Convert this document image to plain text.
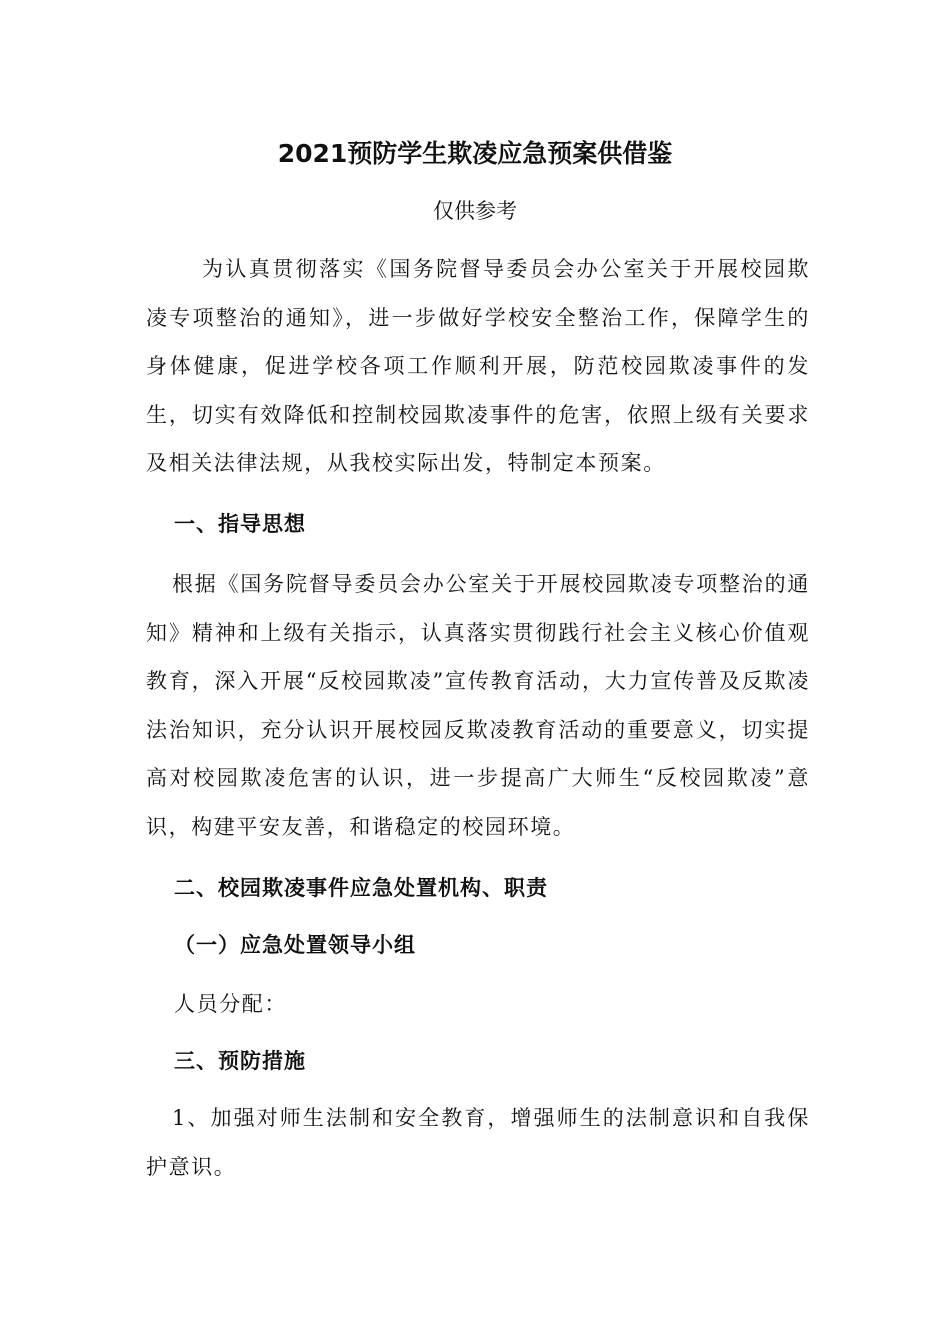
2021预防学生欺凌应急预案供借鉴
仅供参考
为认真贯彻落实《国务院督导委员会办公室关于开展校园欺凌专项整治的通知》，进一步做好学校安全整治工作，保障学生的身体健康，促进学校各项工作顺利开展，防范校园欺凌事件的发生，切实有效降低和控制校园欺凌事件的危害，依照上级有关要求及相关法律法规，从我校实际出发，特制定本预案。
一、指导思想
根据《国务院督导委员会办公室关于开展校园欺凌专项整治的通知》精神和上级有关指示，认真落实贯彻践行社会主义核心价值观教育，深入开展“反校园欺凌”宣传教育活动，大力宣传普及反欺凌法治知识，充分认识开展校园反欺凌教育活动的重要意义，切实提高对校园欺凌危害的认识，进一步提高广大师生“反校园欺凌”意识，构建平安友善，和谐稳定的校园环境。
二、校园欺凌事件应急处置机构、职责
（一）应急处置领导小组
人员分配：
三、预防措施
1、加强对师生法制和安全教育，增强师生的法制意识和自我保护意识。
